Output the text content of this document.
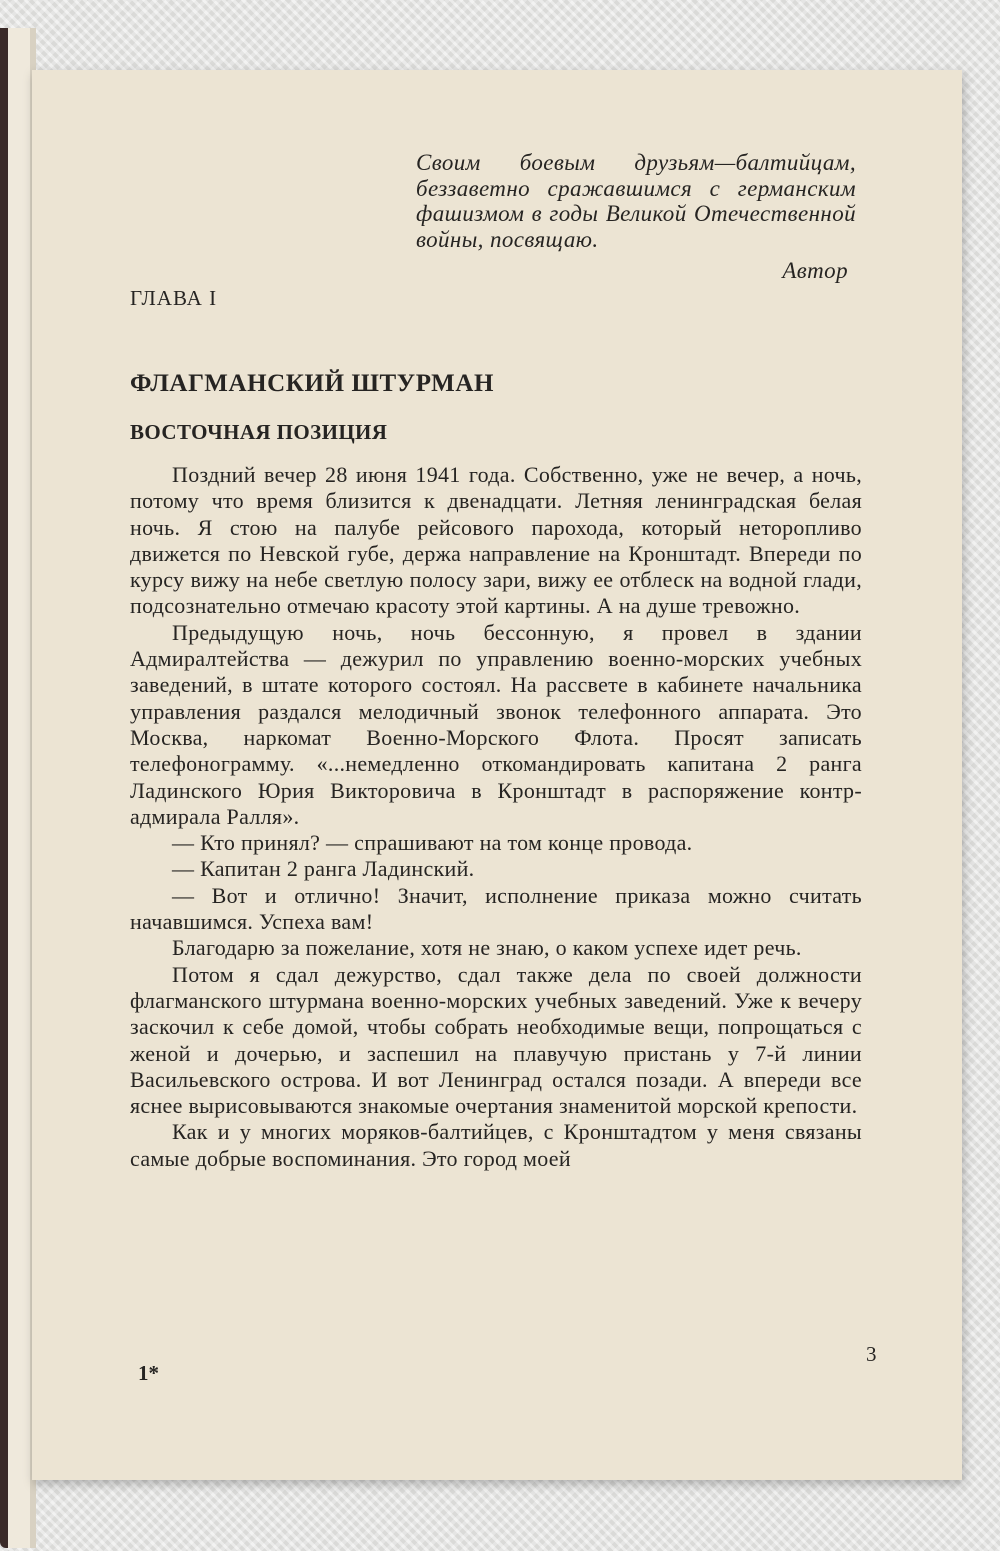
Своим боевым друзьям—балтийцам, беззаветно сражавшимся с германским фашизмом в годы Великой Отечественной войны, посвящаю.

Автор
ГЛАВА I
ФЛАГМАНСКИЙ ШТУРМАН
ВОСТОЧНАЯ ПОЗИЦИЯ

Поздний вечер 28 июня 1941 года. Собственно, уже не вечер, а ночь, потому что время близится к двенадцати. Летняя ленинградская белая ночь. Я стою на палубе рейсового парохода, который неторопливо движется по Невской губе, держа направление на Кронштадт. Впереди по курсу вижу на небе светлую полосу зари, вижу ее отблеск на водной глади, подсознательно отмечаю красоту этой картины. А на душе тревожно.

Предыдущую ночь, ночь бессонную, я провел в здании Адмиралтейства — дежурил по управлению военно-морских учебных заведений, в штате которого состоял. На рассвете в кабинете начальника управления раздался мелодичный звонок телефонного аппарата. Это Москва, наркомат Военно-Морского Флота. Просят записать телефонограмму. «...немедленно откомандировать капитана 2 ранга Ладинского Юрия Викторовича в Кронштадт в распоряжение контр-адмирала Ралля».

— Кто принял? — спрашивают на том конце провода.

— Капитан 2 ранга Ладинский.

— Вот и отлично! Значит, исполнение приказа можно считать начавшимся. Успеха вам!

Благодарю за пожелание, хотя не знаю, о каком успехе идет речь.

Потом я сдал дежурство, сдал также дела по своей должности флагманского штурмана военно-морских учебных заведений. Уже к вечеру заскочил к себе домой, чтобы собрать необходимые вещи, попрощаться с женой и дочерью, и заспешил на плавучую пристань у 7-й линии Васильевского острова. И вот Ленинград остался позади. А впереди все яснее вырисовываются знакомые очертания знаменитой морской крепости.

Как и у многих моряков-балтийцев, с Кронштадтом у меня связаны самые добрые воспоминания. Это город моей

1*
3
